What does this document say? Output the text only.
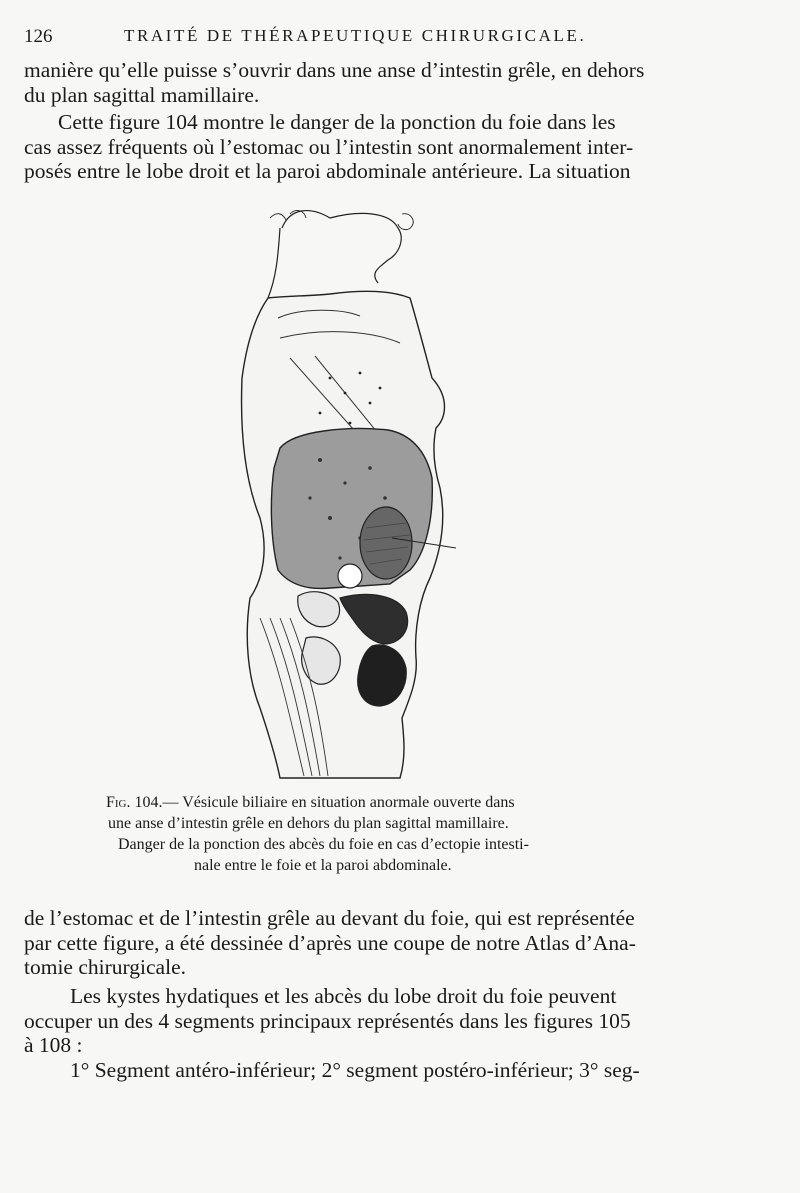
126	TRAITÉ DE THÉRAPEUTIQUE CHIRURGICALE.

manière qu’elle puisse s’ouvrir dans une anse d’intestin grêle, en dehors
du plan sagittal mamillaire.

Cette figure 104 montre le danger de la ponction du foie dans les
cas assez fréquents où l’estomac ou l’intestin sont anormalement inter-
posés entre le lobe droit et la paroi abdominale antérieure. La situation

Fig. 104.— Vésicule biliaire en situation anormale ouverte dans
une anse d’intestin grêle en dehors du plan sagittal mamillaire.
Danger de la ponction des abcès du foie en cas d’ectopie intesti-
nale entre le foie et la paroi abdominale.

de l’estomac et de l’intestin grêle au devant du foie, qui est représentée
par cette figure, a été dessinée d’après une coupe de notre Atlas d’Ana-
tomie chirurgicale.

Les kystes hydatiques et les abcès du lobe droit du foie peuvent
occuper un des 4 segments principaux représentés dans les figures 105
à 108 :
1° Segment antéro-inférieur; 2° segment postéro-inférieur; 3° seg-
